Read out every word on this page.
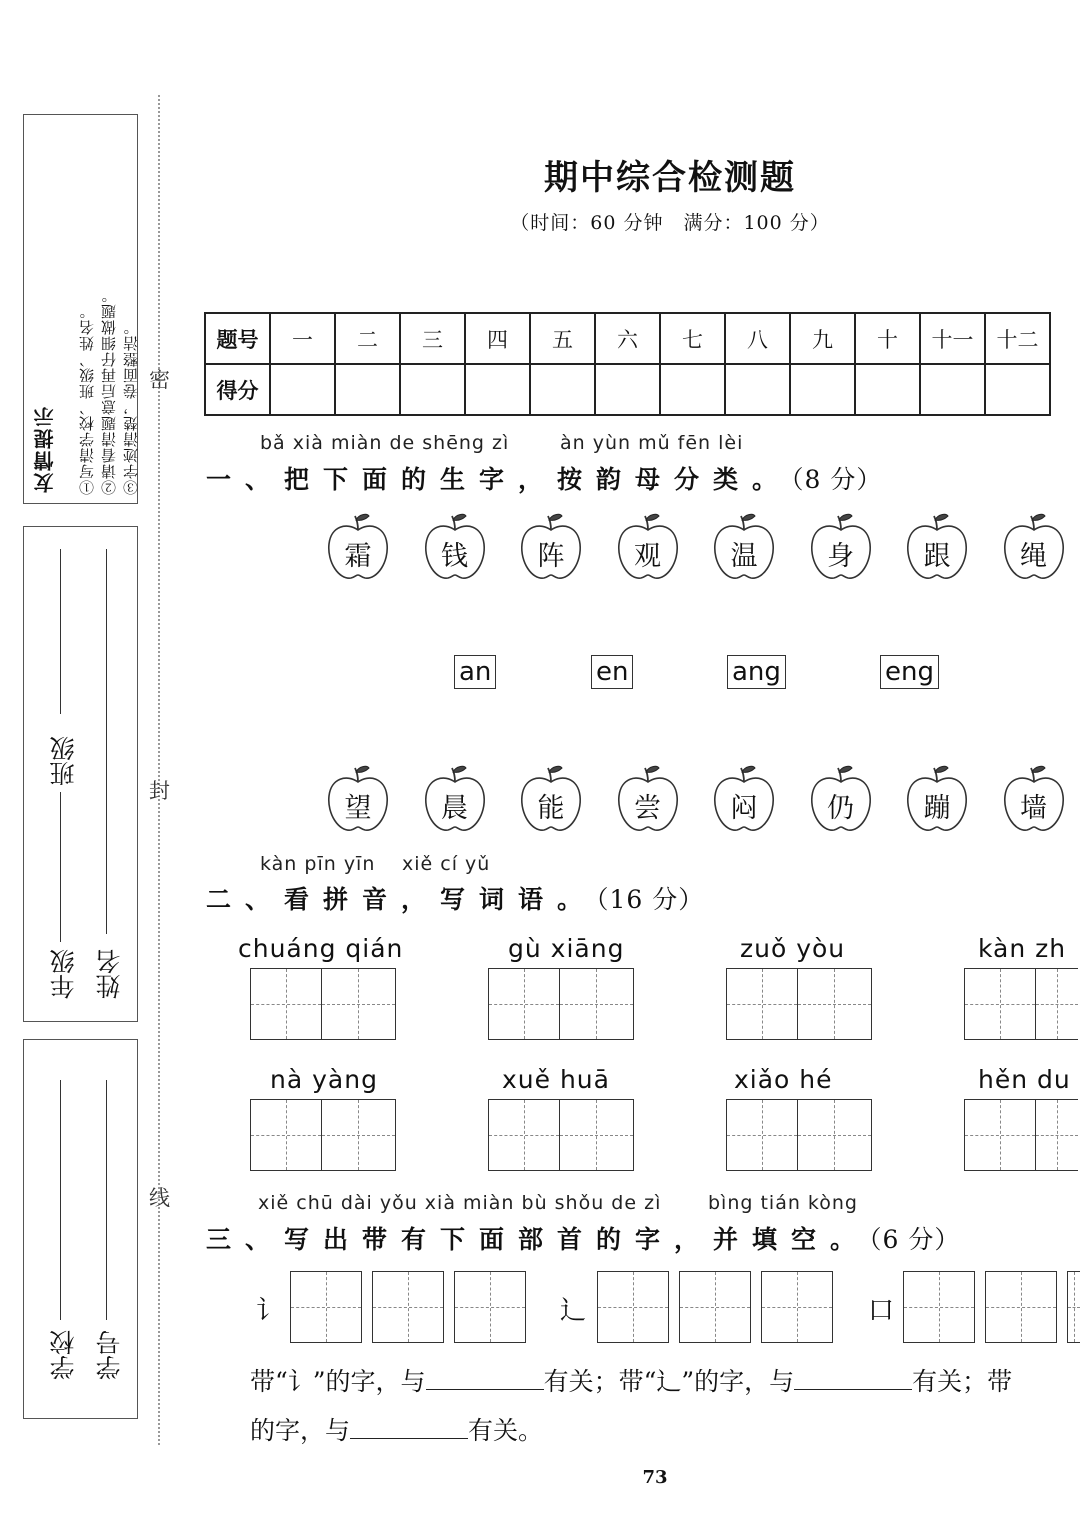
友情提示 ①写清学校、班级、姓名。 ②请看清题意后再仔细做题。 ③字迹清楚，卷面整洁。
年级
班级
姓名
学校 学号
密
封
线
期中综合检测题
（时间：60 分钟　满分：100 分）
题号	一	二	三	四	五	六	七	八	九	十	十一	十二
得分												
bǎ xià miàn de shēng zì	àn yùn mǔ fēn lèi
一、把下面的生字，按韵母分类。（8 分）
霜	钱	阵	观	温	身	跟	绳
an	en	ang	eng
望	晨	能	尝	闷	仍	蹦	墙
kàn pīn yīn xiě cí yǔ
二、看拼音，写词语。（16 分）
chuáng qián	gù xiāng	zuǒ yòu	kàn zh
nà yàng	xuě huā	xiǎo hé	hěn du
xiě chū dài yǒu xià miàn bù shǒu de zì bìng tián kòng
三、写出带有下面部首的字，并填空。（6 分）
讠	辶	口
带“讠”的字，与	有关；带“辶”的字，与	有关；带
的字，与	有关。
73
